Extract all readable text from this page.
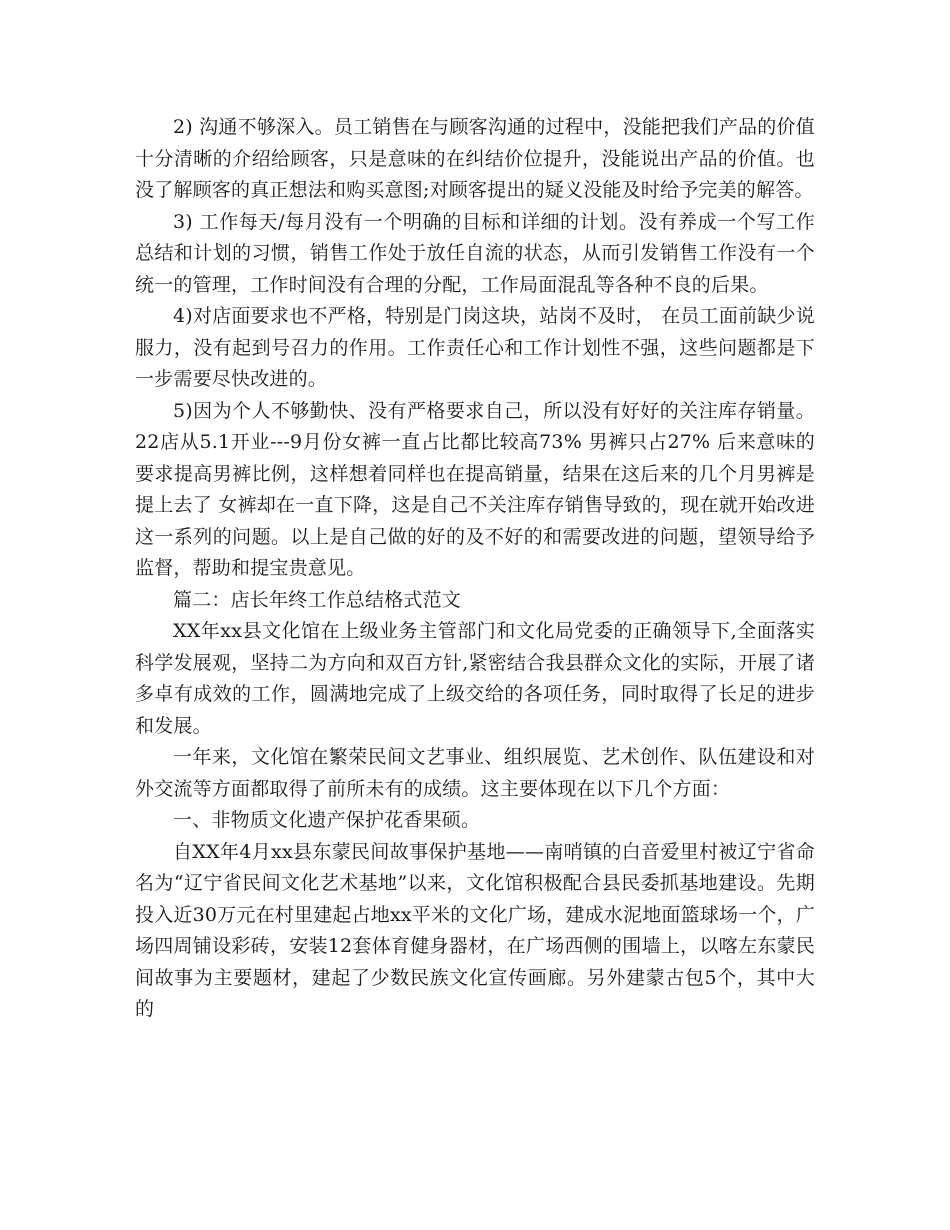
2) 沟通不够深入。员工销售在与顾客沟通的过程中，没能把我们产品的价值十分清晰的介绍给顾客，只是意味的在纠结价位提升，没能说出产品的价值。也没了解顾客的真正想法和购买意图;对顾客提出的疑义没能及时给予完美的解答。

3) 工作每天/每月没有一个明确的目标和详细的计划。没有养成一个写工作总结和计划的习惯，销售工作处于放任自流的状态，从而引发销售工作没有一个统一的管理，工作时间没有合理的分配，工作局面混乱等各种不良的后果。

4)对店面要求也不严格，特别是门岗这块，站岗不及时， 在员工面前缺少说服力，没有起到号召力的作用。工作责任心和工作计划性不强，这些问题都是下一步需要尽快改进的。

5)因为个人不够勤快、没有严格要求自己，所以没有好好的关注库存销量。22店从5.1开业---9月份女裤一直占比都比较高73% 男裤只占27% 后来意味的要求提高男裤比例，这样想着同样也在提高销量，结果在这后来的几个月男裤是提上去了 女裤却在一直下降，这是自己不关注库存销售导致的，现在就开始改进这一系列的问题。以上是自己做的好的及不好的和需要改进的问题，望领导给予监督，帮助和提宝贵意见。

篇二：店长年终工作总结格式范文

XX年xx县文化馆在上级业务主管部门和文化局党委的正确领导下,全面落实科学发展观，坚持二为方向和双百方针,紧密结合我县群众文化的实际，开展了诸多卓有成效的工作，圆满地完成了上级交给的各项任务，同时取得了长足的进步和发展。

一年来，文化馆在繁荣民间文艺事业、组织展览、艺术创作、队伍建设和对外交流等方面都取得了前所未有的成绩。这主要体现在以下几个方面：

一、非物质文化遗产保护花香果硕。

自XX年4月xx县东蒙民间故事保护基地——南哨镇的白音爱里村被辽宁省命名为“辽宁省民间文化艺术基地”以来，文化馆积极配合县民委抓基地建设。先期投入近30万元在村里建起占地xx平米的文化广场，建成水泥地面篮球场一个，广场四周铺设彩砖，安装12套体育健身器材，在广场西侧的围墙上，以喀左东蒙民间故事为主要题材，建起了少数民族文化宣传画廊。另外建蒙古包5个，其中大的
